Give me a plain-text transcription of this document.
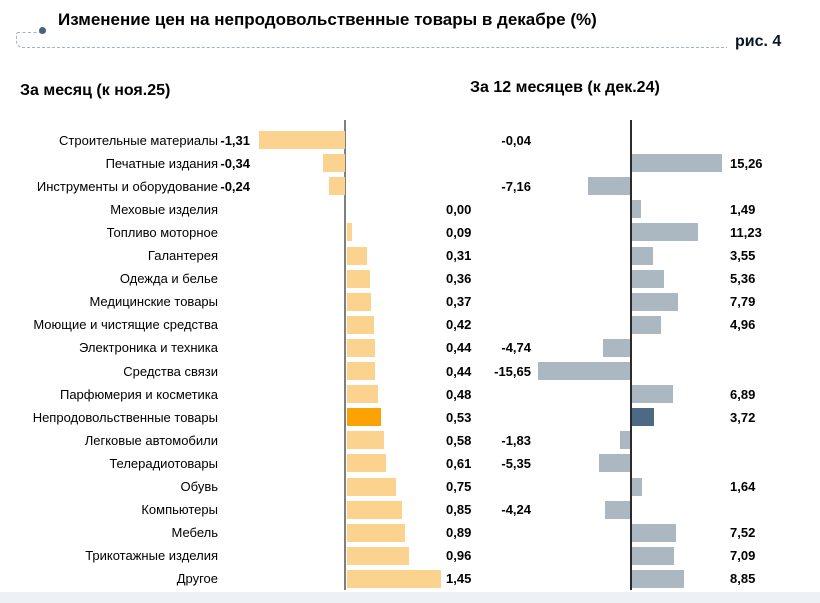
Изменение цен на непродовольственные товары в декабре (%)
рис. 4
За месяц (к ноя.25)	За 12 месяцев (к дек.24)
Строительные материалы -1,31	-0,04
Печатные издания -0,34	15,26
Инструменты и оборудование -0,24	-7,16
Меховые изделия	0,00	1,49
Топливо моторное	0,09	11,23
Галантерея	0,31	3,55
Одежда и белье	0,36	5,36
Медицинские товары	0,37	7,79
Моющие и чистящие средства	0,42	4,96
Электроника и техника	0,44	-4,74
Средства связи	0,44	-15,65
Парфюмерия и косметика	0,48	6,89
Непродовольственные товары	0,53	3,72
Легковые автомобили	0,58	-1,83
Телерадиотовары	0,61	-5,35
Обувь	0,75	1,64
Компьютеры	0,85	-4,24
Мебель	0,89	7,52
Трикотажные изделия	0,96	7,09
Другое	1,45	8,85
